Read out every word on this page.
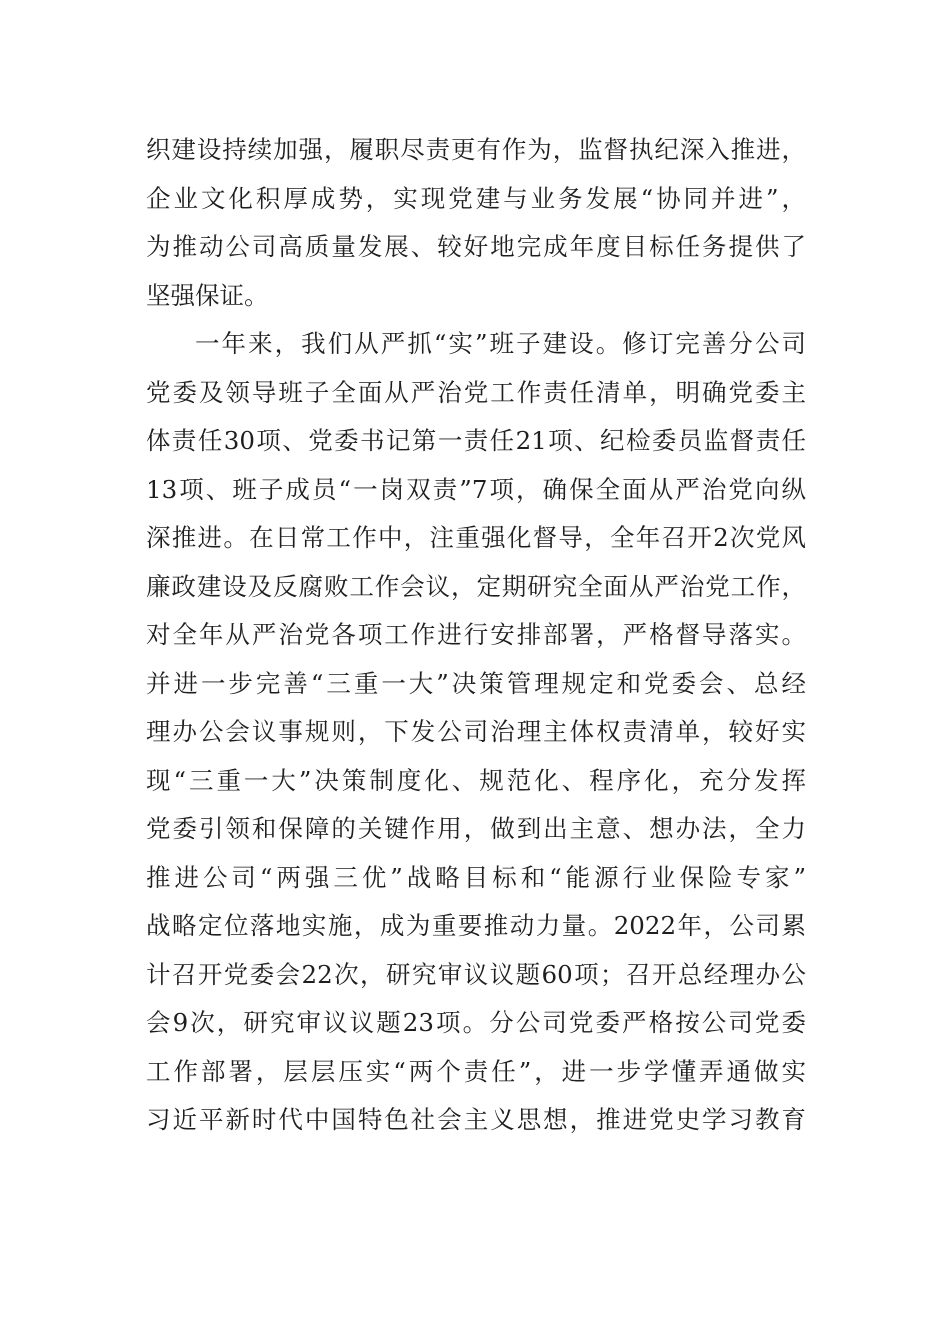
织建设持续加强，履职尽责更有作为，监督执纪深入推进，
企业文化积厚成势，实现党建与业务发展“协同并进”，
为推动公司高质量发展、较好地完成年度目标任务提供了
坚强保证。
一年来，我们从严抓“实”班子建设。修订完善分公司
党委及领导班子全面从严治党工作责任清单，明确党委主
体责任30项、党委书记第一责任21项、纪检委员监督责任
13项、班子成员“一岗双责”7项，确保全面从严治党向纵
深推进。在日常工作中，注重强化督导，全年召开2次党风
廉政建设及反腐败工作会议，定期研究全面从严治党工作，
对全年从严治党各项工作进行安排部署，严格督导落实。
并进一步完善“三重一大”决策管理规定和党委会、总经
理办公会议事规则，下发公司治理主体权责清单，较好实
现“三重一大”决策制度化、规范化、程序化，充分发挥
党委引领和保障的关键作用，做到出主意、想办法，全力
推进公司“两强三优”战略目标和“能源行业保险专家”
战略定位落地实施，成为重要推动力量。2022年，公司累
计召开党委会22次，研究审议议题60项；召开总经理办公
会9次，研究审议议题23项。分公司党委严格按公司党委
工作部署，层层压实“两个责任”，进一步学懂弄通做实
习近平新时代中国特色社会主义思想，推进党史学习教育
